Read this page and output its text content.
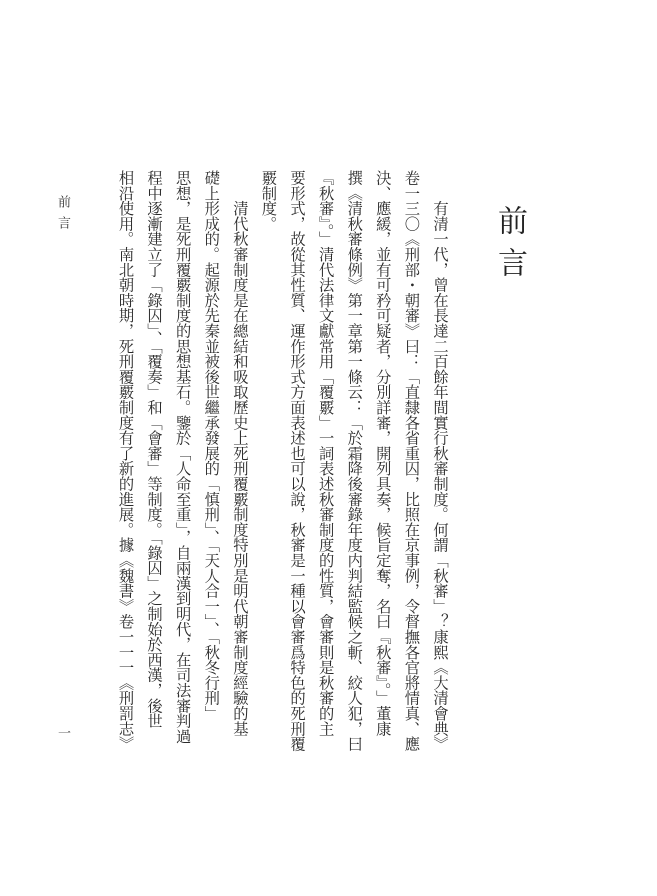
前言
　　有清一代，曾在長達二百餘年間實行秋審制度。何謂「秋審」？康熙《大清會典》
卷一三〇《刑部・朝審》曰：「直隸各省重囚，比照在京事例，令督撫各官將情真、應
決、應緩，並有可矜可疑者，分別詳審，開列具奏，候旨定奪，名曰『秋審』。」董康
撰《清秋審條例》第一章第一條云：「於霜降後審錄年度内判結監候之斬、絞人犯，曰
『秋審』。」清代法律文獻常用「覆覈」一詞表述秋審制度的性質，會審則是秋審的主
要形式，故從其性質、運作形式方面表述也可以說，秋審是一種以會審爲特色的死刑覆
覈制度。
　　清代秋審制度是在總結和吸取歷史上死刑覆覈制度特別是明代朝審制度經驗的基
礎上形成的。起源於先秦並被後世繼承發展的「慎刑」、「天人合一」、「秋冬行刑」
思想，是死刑覆覈制度的思想基石。鑒於「人命至重」，自兩漢到明代，在司法審判過
程中逐漸建立了「錄囚」、「覆奏」和「會審」等制度。「錄囚」之制始於西漢，後世
相沿使用。南北朝時期，死刑覆覈制度有了新的進展。據《魏書》卷一一一《刑罰志》
前言
一
